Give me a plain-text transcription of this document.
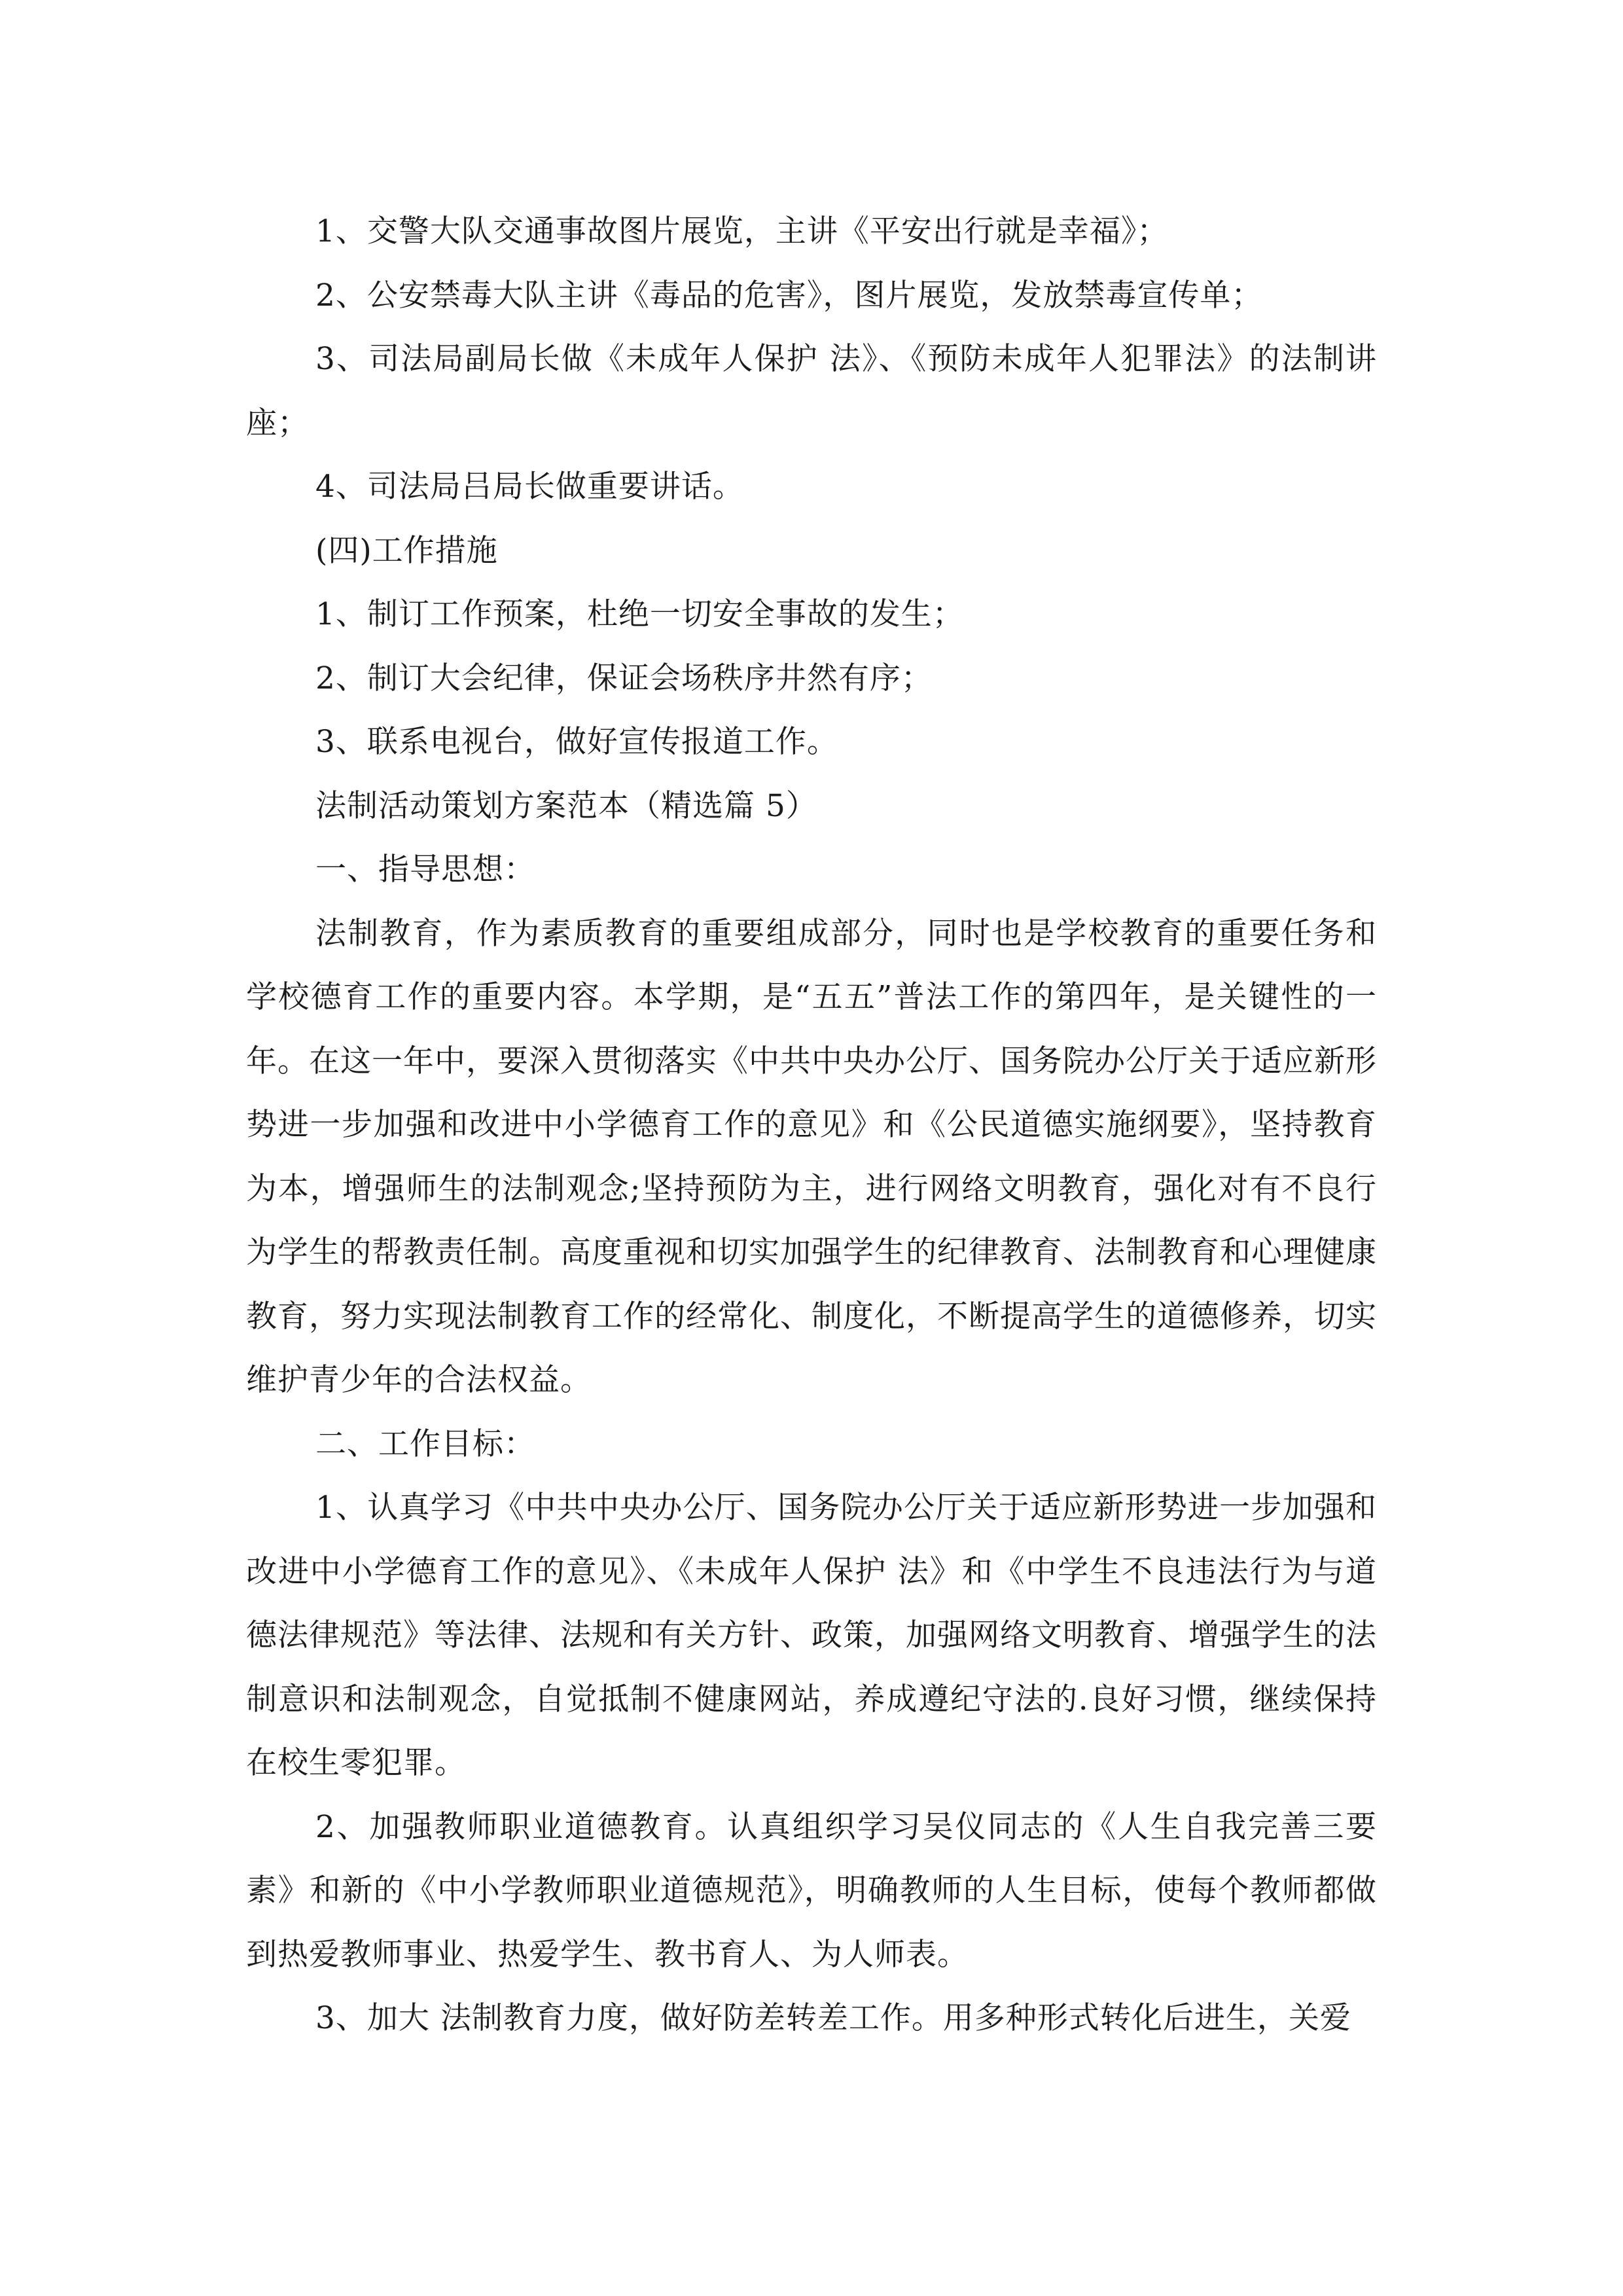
1、交警大队交通事故图片展览，主讲《平安出行就是幸福》；

2、公安禁毒大队主讲《毒品的危害》，图片展览，发放禁毒宣传单；

3、司法局副局长做《未成年人保护 法》、《预防未成年人犯罪法》的法制讲座；

4、司法局吕局长做重要讲话。

(四)工作措施

1、制订工作预案，杜绝一切安全事故的发生；

2、制订大会纪律，保证会场秩序井然有序；

3、联系电视台，做好宣传报道工作。

法制活动策划方案范本（精选篇 5）

一、指导思想：

法制教育，作为素质教育的重要组成部分，同时也是学校教育的重要任务和学校德育工作的重要内容。本学期，是“五五”普法工作的第四年，是关键性的一年。在这一年中，要深入贯彻落实《中共中央办公厅、国务院办公厅关于适应新形势进一步加强和改进中小学德育工作的意见》和《公民道德实施纲要》，坚持教育为本，增强师生的法制观念;坚持预防为主，进行网络文明教育，强化对有不良行为学生的帮教责任制。高度重视和切实加强学生的纪律教育、法制教育和心理健康教育，努力实现法制教育工作的经常化、制度化，不断提高学生的道德修养，切实维护青少年的合法权益。

二、工作目标：

1、认真学习《中共中央办公厅、国务院办公厅关于适应新形势进一步加强和改进中小学德育工作的意见》、《未成年人保护 法》和《中学生不良违法行为与道德法律规范》等法律、法规和有关方针、政策，加强网络文明教育、增强学生的法制意识和法制观念，自觉抵制不健康网站，养成遵纪守法的.良好习惯，继续保持在校生零犯罪。

2、加强教师职业道德教育。认真组织学习吴仪同志的《人生自我完善三要素》和新的《中小学教师职业道德规范》，明确教师的人生目标，使每个教师都做到热爱教师事业、热爱学生、教书育人、为人师表。

3、加大 法制教育力度，做好防差转差工作。用多种形式转化后进生，关爱
